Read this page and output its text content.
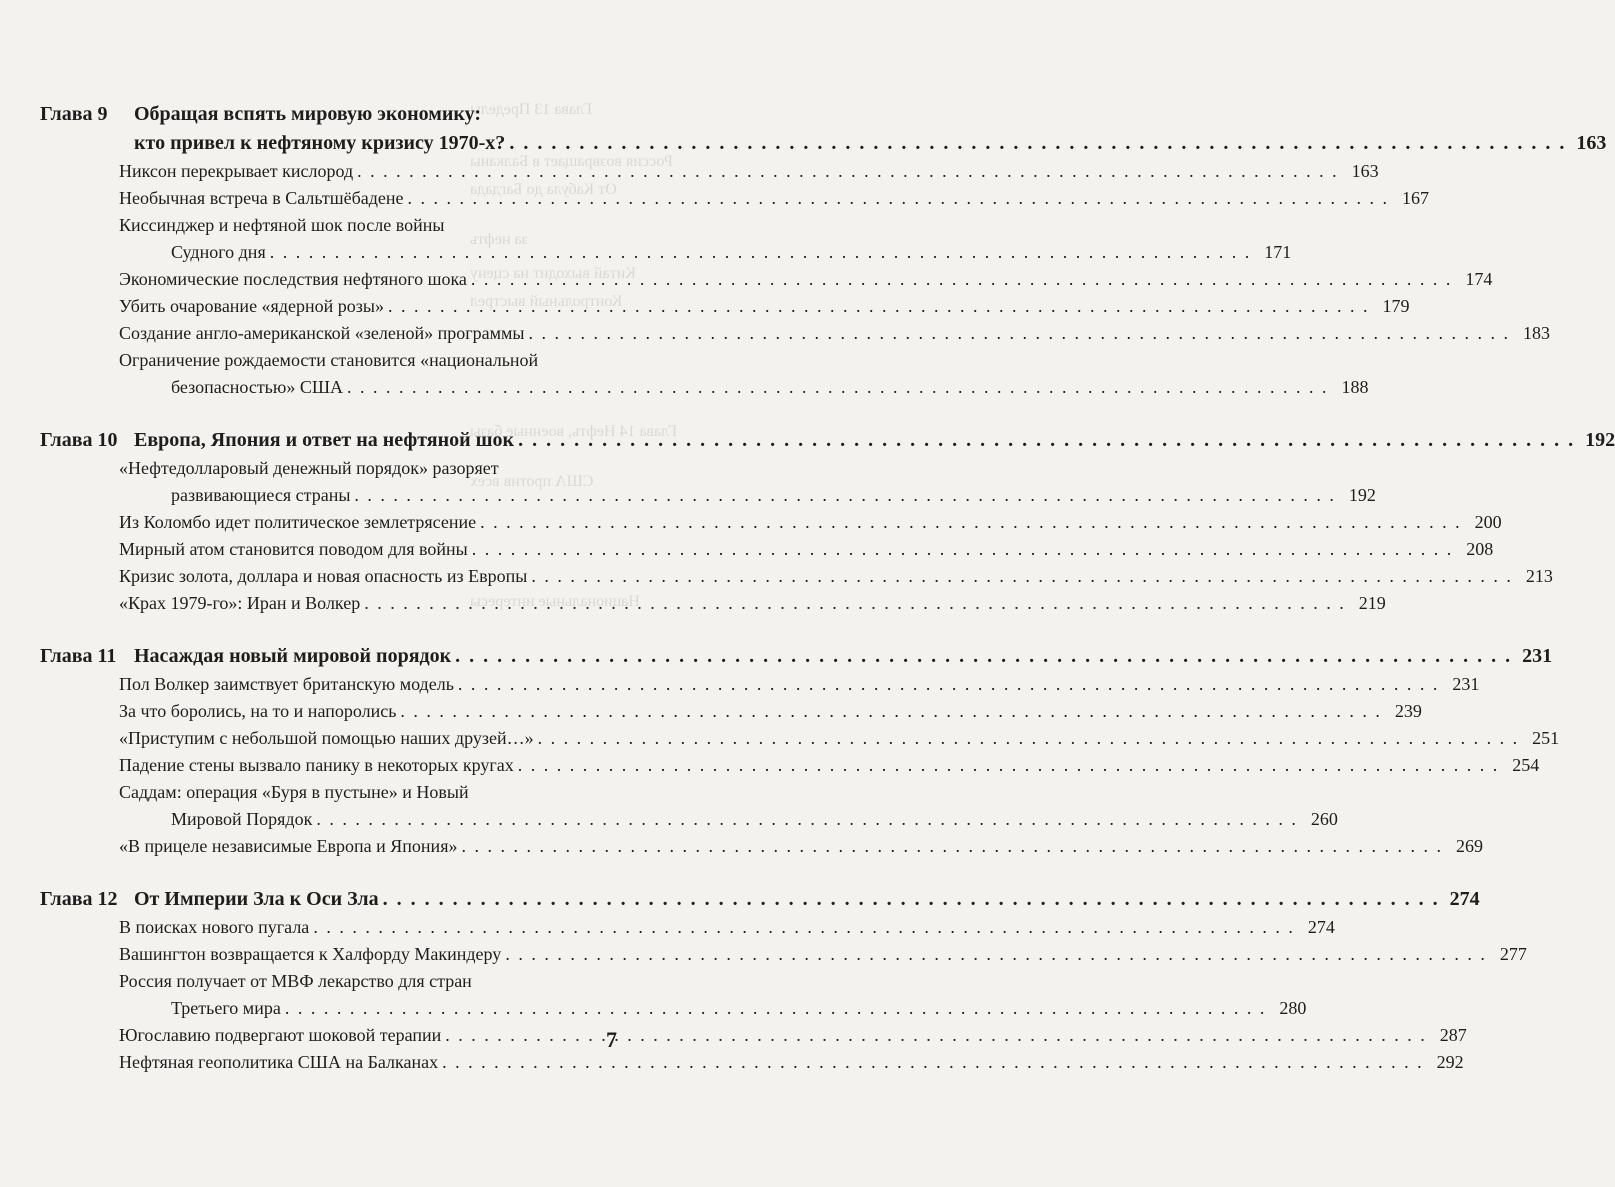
Глава 13 Пределы
Россия возвращает в Балканы
От Кабула до Багдада
за нефть
Китай выходит на сцену
Контрольный выстрел
Глава 14 Нефть, военные базы
США против всех
Национальные интересы
Глава 9	Обращая вспять мировую экономику:
кто привел к нефтяному кризису 1970-х? . . .	163
Никсон перекрывает кислород . . .	163
Необычная встреча в Сальтшёбадене . . .	167
Киссинджер и нефтяной шок после войны
Судного дня . . .	171
Экономические последствия нефтяного шока . . .	174
Убить очарование «ядерной розы» . . .	179
Создание англо-американской «зеленой» программы . . .	183
Ограничение рождаемости становится «национальной
безопасностью» США . . .	188
Глава 10 Европа, Япония и ответ на нефтяной шок . . .	192
«Нефтедолларовый денежный порядок» разоряет
развивающиеся страны . . .	192
Из Коломбо идет политическое землетрясение . . .	200
Мирный атом становится поводом для войны . . .	208
Кризис золота, доллара и новая опасность из Европы . . .	213
«Крах 1979-го»: Иран и Волкер . . .	219
Глава 11 Насаждая новый мировой порядок . . .	231
Пол Волкер заимствует британскую модель . . .	231
За что боролись, на то и напоролись . . .	239
«Приступим с небольшой помощью наших друзей…» . . .	251
Падение стены вызвало панику в некоторых кругах . . .	254
Саддам: операция «Буря в пустыне» и Новый
Мировой Порядок . . .	260
«В прицеле независимые Европа и Япония» . . .	269
Глава 12 От Империи Зла к Оси Зла . . .	274
В поисках нового пугала . . .	274
Вашингтон возвращается к Халфорду Макиндеру . . .	277
Россия получает от МВФ лекарство для стран
Третьего мира . . .	280
Югославию подвергают шоковой терапии . . .	287
Нефтяная геополитика США на Балканах . . .	292
7
